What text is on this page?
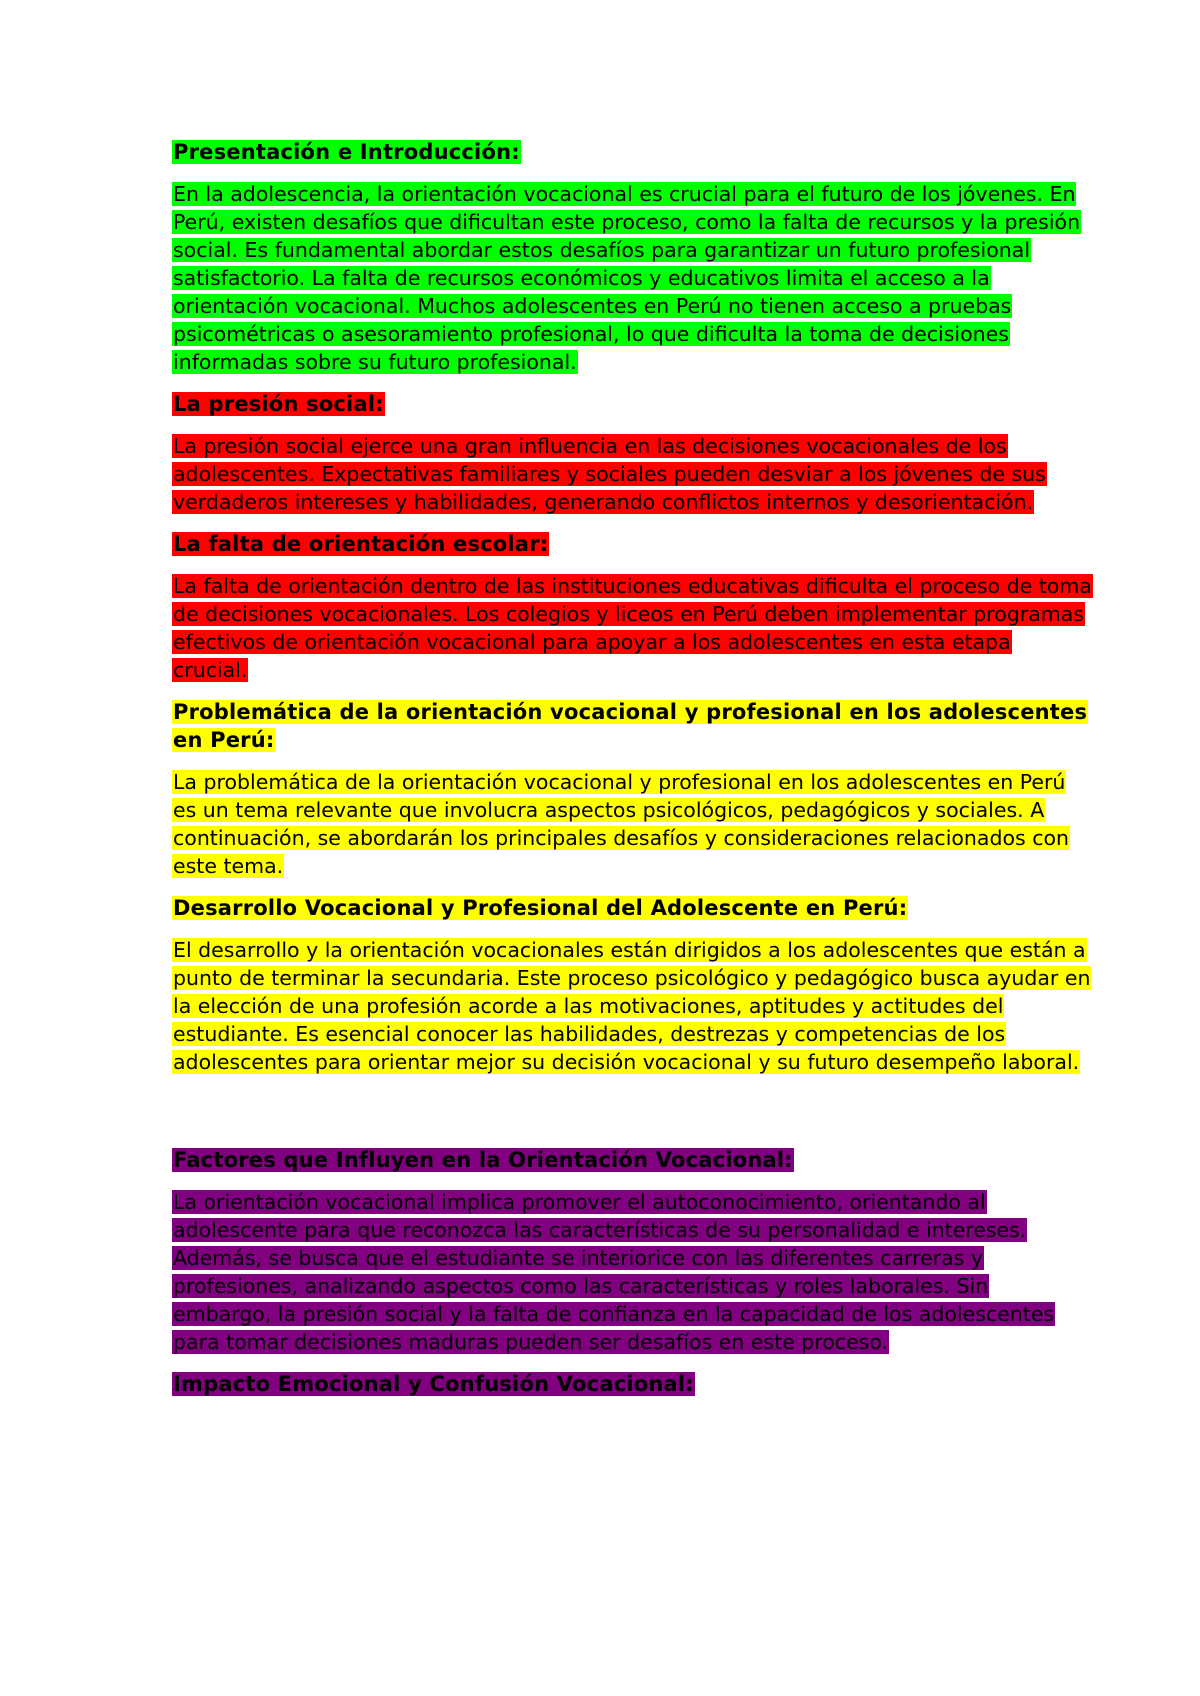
Presentación e Introducción:

En la adolescencia, la orientación vocacional es crucial para el futuro de los jóvenes. En Perú, existen desafíos que dificultan este proceso, como la falta de recursos y la presión social. Es fundamental abordar estos desafíos para garantizar un futuro profesional satisfactorio. La falta de recursos económicos y educativos limita el acceso a la orientación vocacional. Muchos adolescentes en Perú no tienen acceso a pruebas psicométricas o asesoramiento profesional, lo que dificulta la toma de decisiones informadas sobre su futuro profesional.

La presión social:

La presión social ejerce una gran influencia en las decisiones vocacionales de los adolescentes. Expectativas familiares y sociales pueden desviar a los jóvenes de sus verdaderos intereses y habilidades, generando conflictos internos y desorientación.

La falta de orientación escolar:

La falta de orientación dentro de las instituciones educativas dificulta el proceso de toma de decisiones vocacionales. Los colegios y liceos en Perú deben implementar programas efectivos de orientación vocacional para apoyar a los adolescentes en esta etapa crucial.

Problemática de la orientación vocacional y profesional en los adolescentes en Perú:

La problemática de la orientación vocacional y profesional en los adolescentes en Perú es un tema relevante que involucra aspectos psicológicos, pedagógicos y sociales. A continuación, se abordarán los principales desafíos y consideraciones relacionados con este tema.

Desarrollo Vocacional y Profesional del Adolescente en Perú:

El desarrollo y la orientación vocacionales están dirigidos a los adolescentes que están a punto de terminar la secundaria. Este proceso psicológico y pedagógico busca ayudar en la elección de una profesión acorde a las motivaciones, aptitudes y actitudes del estudiante. Es esencial conocer las habilidades, destrezas y competencias de los adolescentes para orientar mejor su decisión vocacional y su futuro desempeño laboral.

Factores que Influyen en la Orientación Vocacional:

La orientación vocacional implica promover el autoconocimiento, orientando al adolescente para que reconozca las características de su personalidad e intereses. Además, se busca que el estudiante se interiorice con las diferentes carreras y profesiones, analizando aspectos como las características y roles laborales. Sin embargo, la presión social y la falta de confianza en la capacidad de los adolescentes para tomar decisiones maduras pueden ser desafíos en este proceso.

Impacto Emocional y Confusión Vocacional:
